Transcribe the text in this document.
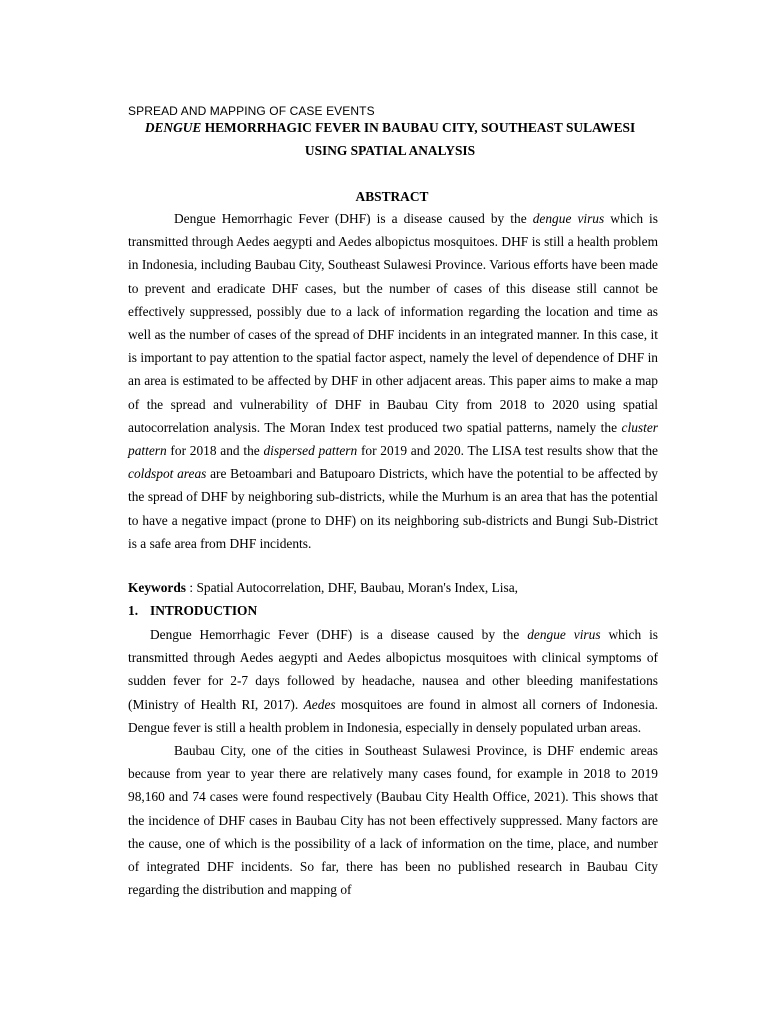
SPREAD AND MAPPING OF CASE EVENTS
DENGUE HEMORRHAGIC FEVER IN BAUBAU CITY, SOUTHEAST SULAWESI
USING SPATIAL ANALYSIS
ABSTRACT

Dengue Hemorrhagic Fever (DHF) is a disease caused by the dengue virus which is transmitted through Aedes aegypti and Aedes albopictus mosquitoes. DHF is still a health problem in Indonesia, including Baubau City, Southeast Sulawesi Province. Various efforts have been made to prevent and eradicate DHF cases, but the number of cases of this disease still cannot be effectively suppressed, possibly due to a lack of information regarding the location and time as well as the number of cases of the spread of DHF incidents in an integrated manner. In this case, it is important to pay attention to the spatial factor aspect, namely the level of dependence of DHF in an area is estimated to be affected by DHF in other adjacent areas. This paper aims to make a map of the spread and vulnerability of DHF in Baubau City from 2018 to 2020 using spatial autocorrelation analysis. The Moran Index test produced two spatial patterns, namely the cluster pattern for 2018 and the dispersed pattern for 2019 and 2020. The LISA test results show that the coldspot areas are Betoambari and Batupoaro Districts, which have the potential to be affected by the spread of DHF by neighboring sub-districts, while the Murhum is an area that has the potential to have a negative impact (prone to DHF) on its neighboring sub-districts and Bungi Sub-District is a safe area from DHF incidents.

Keywords : Spatial Autocorrelation, DHF, Baubau, Moran's Index, Lisa,
1. INTRODUCTION

Dengue Hemorrhagic Fever (DHF) is a disease caused by the dengue virus which is transmitted through Aedes aegypti and Aedes albopictus mosquitoes with clinical symptoms of sudden fever for 2-7 days followed by headache, nausea and other bleeding manifestations (Ministry of Health RI, 2017). Aedes mosquitoes are found in almost all corners of Indonesia. Dengue fever is still a health problem in Indonesia, especially in densely populated urban areas.

Baubau City, one of the cities in Southeast Sulawesi Province, is DHF endemic areas because from year to year there are relatively many cases found, for example in 2018 to 2019 98,160 and 74 cases were found respectively (Baubau City Health Office, 2021). This shows that the incidence of DHF cases in Baubau City has not been effectively suppressed. Many factors are the cause, one of which is the possibility of a lack of information on the time, place, and number of integrated DHF incidents. So far, there has been no published research in Baubau City regarding the distribution and mapping of
